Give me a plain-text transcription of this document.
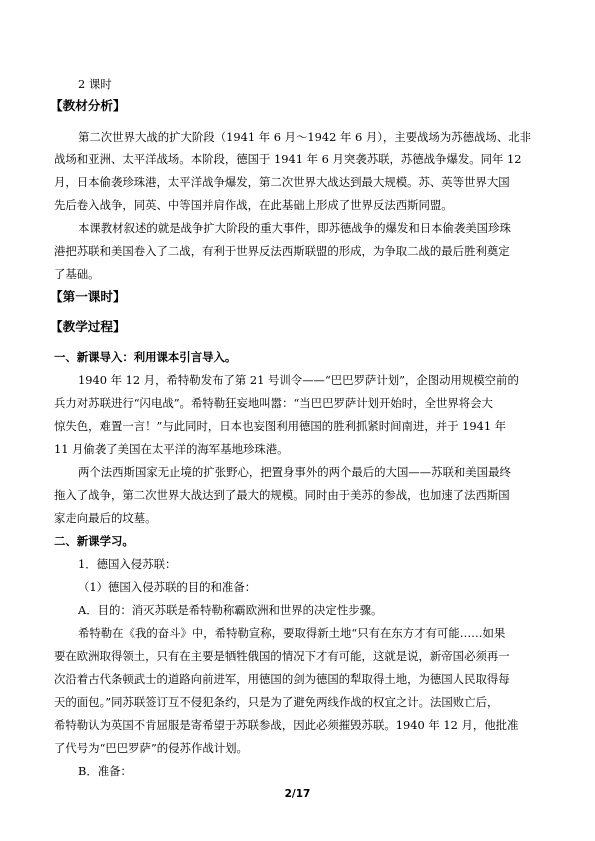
2 课时
【教材分析】
第二次世界大战的扩大阶段（1941 年 6 月～1942 年 6 月），主要战场为苏德战场、北非
战场和亚洲、太平洋战场。本阶段，德国于 1941 年 6 月突袭苏联，苏德战争爆发。同年 12
月，日本偷袭珍珠港，太平洋战争爆发，第二次世界大战达到最大规模。苏、英等世界大国
先后卷入战争，同英、中等国并肩作战，在此基础上形成了世界反法西斯同盟。
本课教材叙述的就是战争扩大阶段的重大事件，即苏德战争的爆发和日本偷袭美国珍珠
港把苏联和美国卷入了二战，有利于世界反法西斯联盟的形成，为争取二战的最后胜利奠定
了基础。
【第一课时】
【教学过程】
一、新课导入：利用课本引言导入。
1940 年 12 月，希特勒发布了第 21 号训令——“巴巴罗萨计划”，企图动用规模空前的
兵力对苏联进行“闪电战”。希特勒狂妄地叫嚣：“当巴巴罗萨计划开始时，全世界将会大
惊失色，难置一言！”与此同时，日本也妄图利用德国的胜利抓紧时间南进，并于 1941 年
11 月偷袭了美国在太平洋的海军基地珍珠港。
两个法西斯国家无止境的扩张野心，把置身事外的两个最后的大国——苏联和美国最终
拖入了战争，第二次世界大战达到了最大的规模。同时由于美苏的参战，也加速了法西斯国
家走向最后的坟墓。
二、新课学习。
1．德国入侵苏联：
（1）德国入侵苏联的目的和准备：
A．目的：消灭苏联是希特勒称霸欧洲和世界的决定性步骤。
希特勒在《我的奋斗》中，希特勒宣称，要取得新土地“只有在东方才有可能……如果
要在欧洲取得领土，只有在主要是牺牲俄国的情况下才有可能，这就是说，新帝国必须再一
次沿着古代条顿武士的道路向前进军，用德国的剑为德国的犁取得土地，为德国人民取得每
天的面包。”同苏联签订互不侵犯条约，只是为了避免两线作战的权宜之计。法国败亡后，
希特勒认为英国不肯屈服是寄希望于苏联参战，因此必须摧毁苏联。1940 年 12 月，他批准
了代号为“巴巴罗萨”的侵苏作战计划。
B．准备：
2/17
